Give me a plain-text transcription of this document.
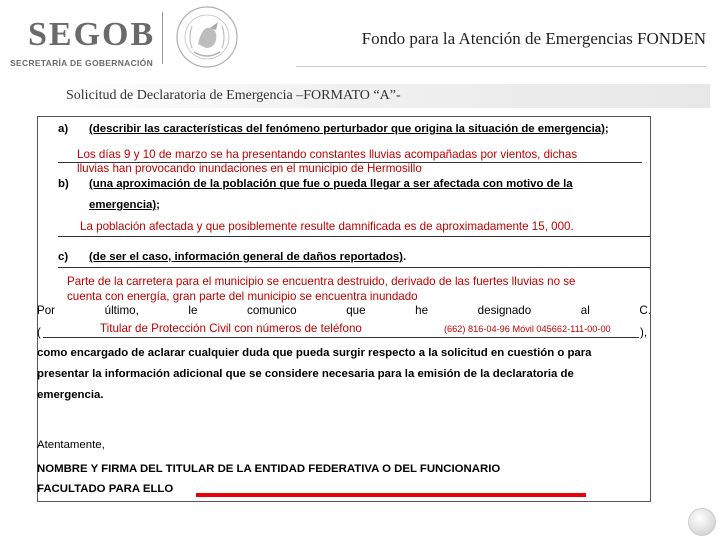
SEGOB
SECRETARÍA DE GOBERNACIÓN
Fondo para la Atención de Emergencias FONDEN
Solicitud de Declaratoria de Emergencia –FORMATO “A”-
a) (describir las características del fenómeno perturbador que origina la situación de emergencia);
Los días 9 y 10 de marzo se ha presentando constantes lluvias acompañadas por vientos, dichas
lluvias han provocando inundaciones en el municipio de Hermosillo
b) (una aproximación de la población que fue o pueda llegar a ser afectada con motivo de la
emergencia);
La población afectada y que posiblemente resulte damnificada es de aproximadamente 15, 000.
c) (de ser el caso, información general de daños reportados).
Parte de la carretera para el municipio se encuentra destruido, derivado de las fuertes lluvias no se
cuenta con energía, gran parte del municipio se encuentra inundado
Por	último,	le	comunico	que	he	designado	al	C.
(	Titular de Protección Civil con números de teléfono	(662) 816-04-96 Móvil 045662-111-00-00	),
como encargado de aclarar cualquier duda que pueda surgir respecto a la solicitud en cuestión o para
presentar la información adicional que se considere necesaria para la emisión de la declaratoria de
emergencia.
Atentamente,
NOMBRE Y FIRMA DEL TITULAR DE LA ENTIDAD FEDERATIVA O DEL FUNCIONARIO
FACULTADO PARA ELLO
